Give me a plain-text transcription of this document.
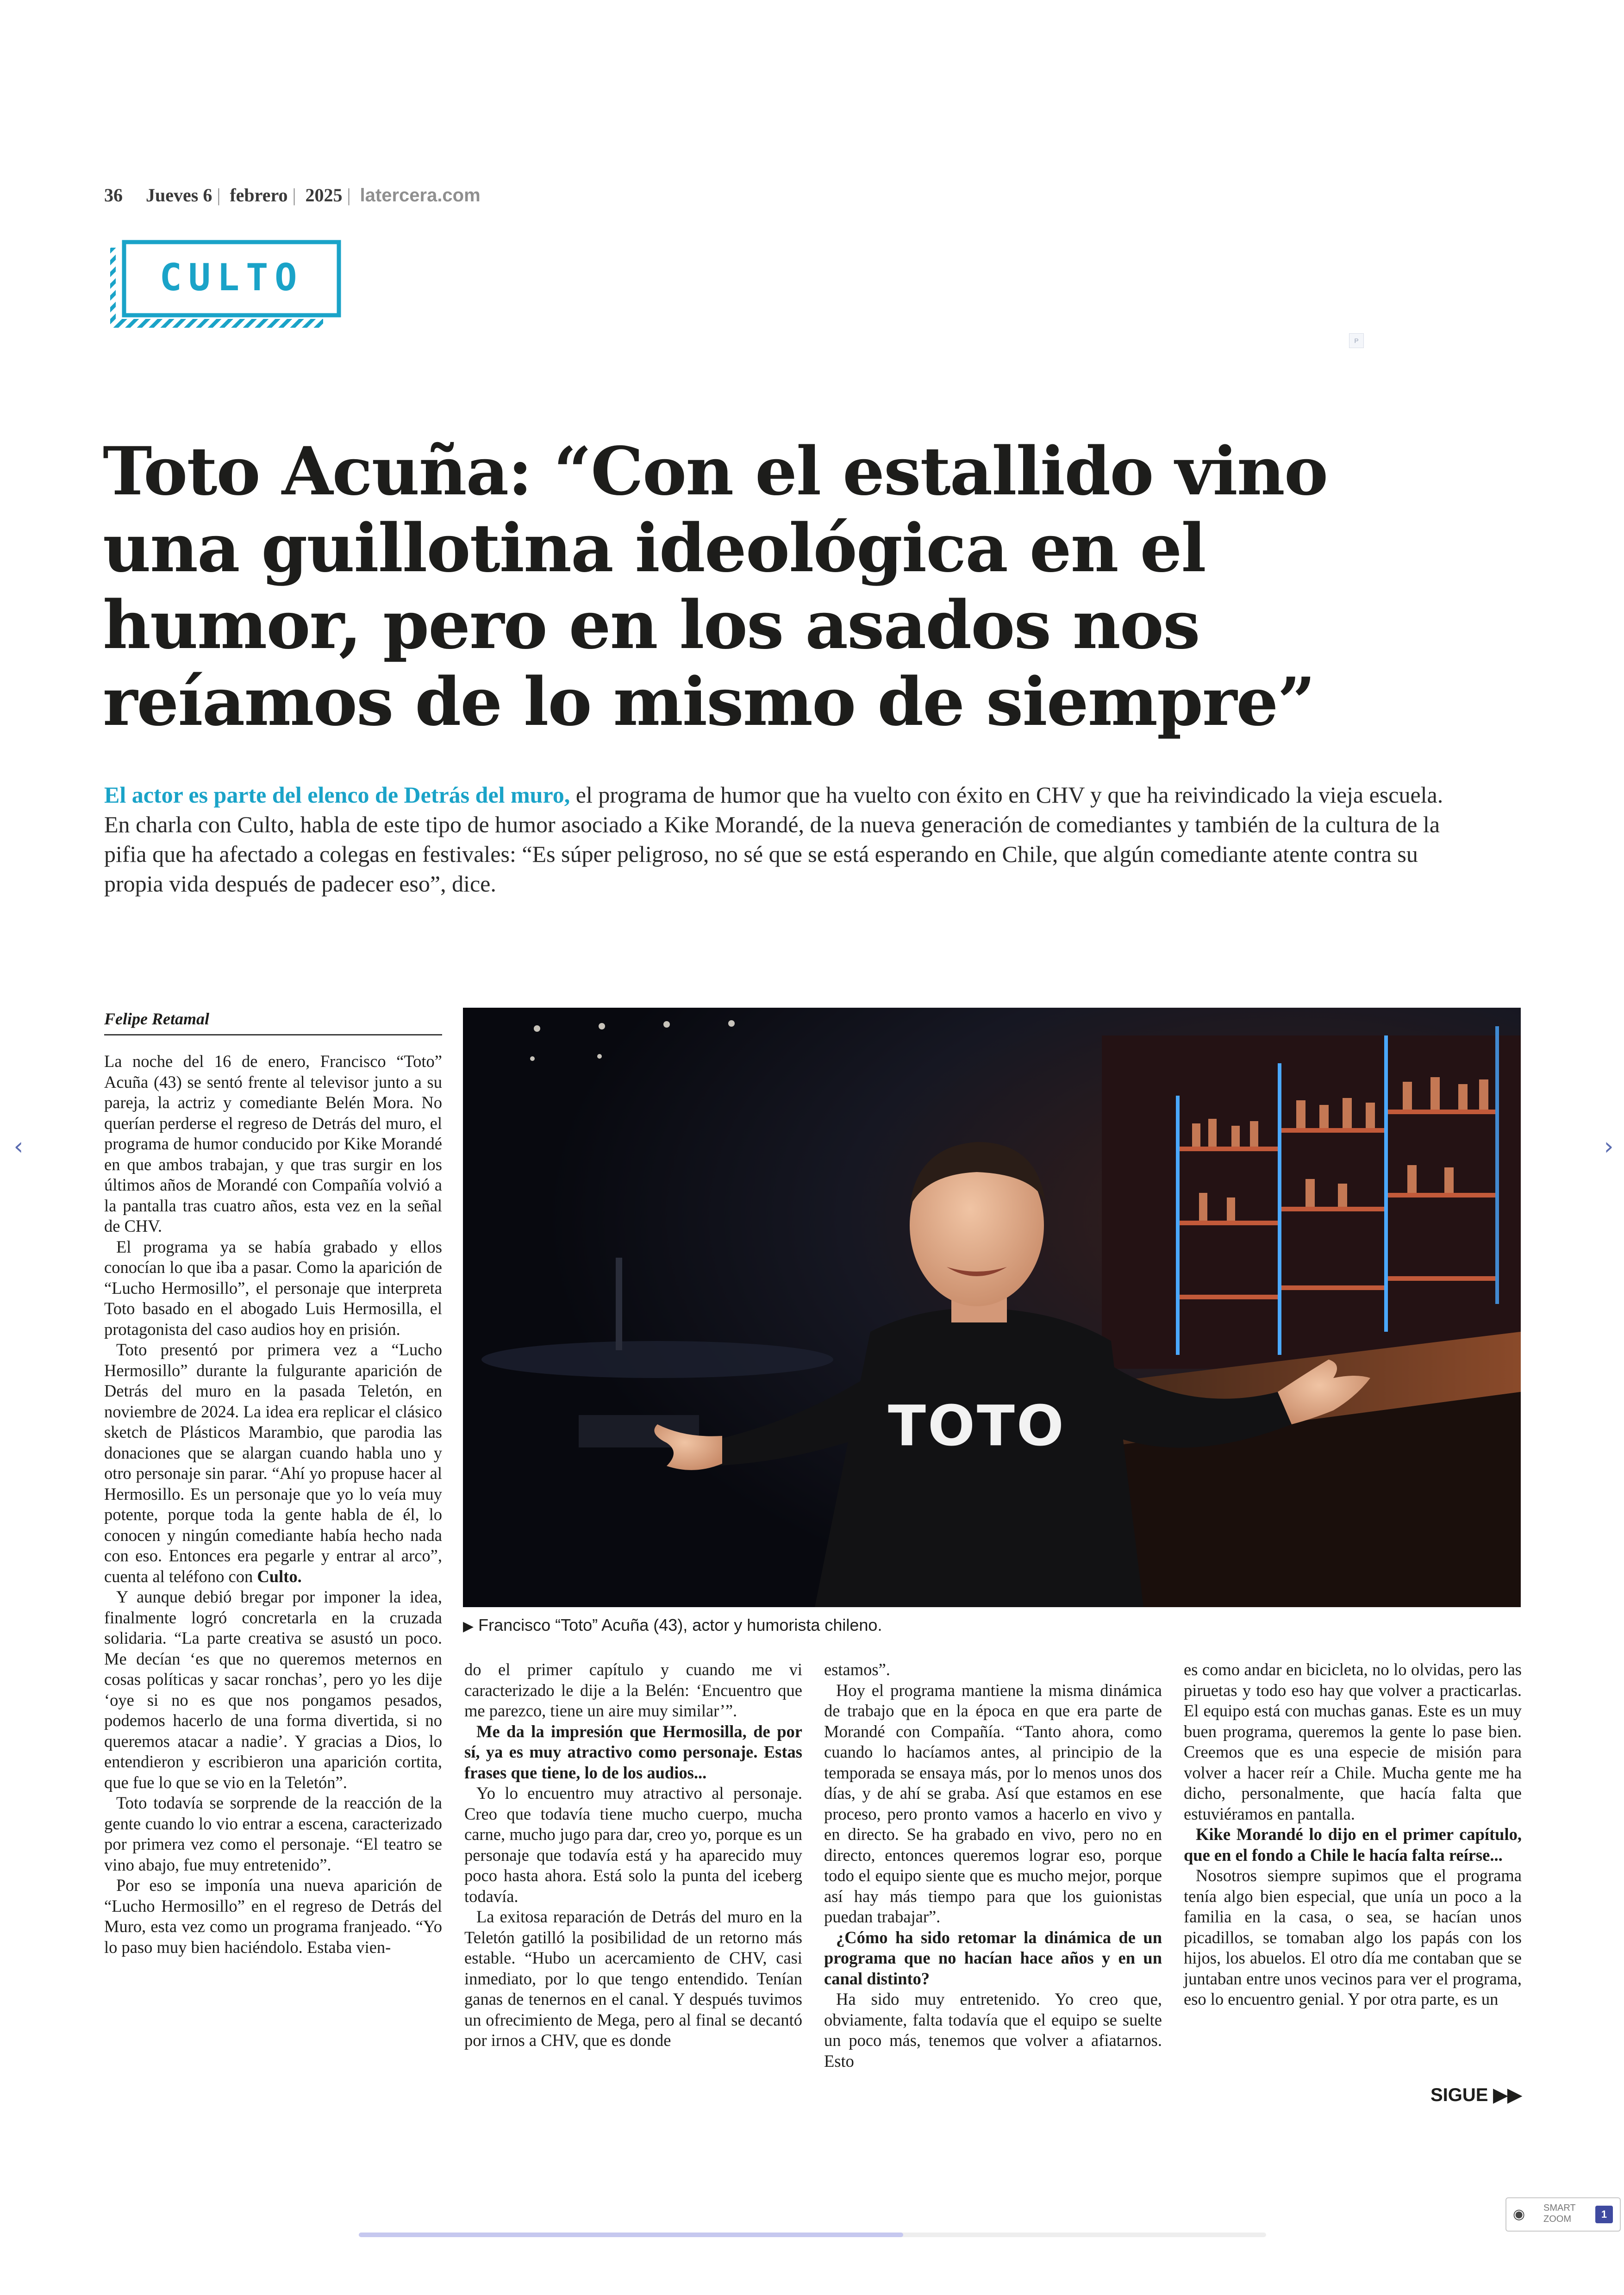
36 Jueves 6 | febrero | 2025 | latercera.com
CULTO
P
Toto Acuña: “Con el estallido vino
una guillotina ideológica en el
humor, pero en los asados nos
reíamos de lo mismo de siempre”
El actor es parte del elenco de Detrás del muro, el programa de humor que ha vuelto con éxito en CHV y que ha reivindicado la vieja escuela. En charla con Culto, habla de este tipo de humor asociado a Kike Morandé, de la nueva generación de comediantes y también de la cultura de la pifia que ha afectado a colegas en festivales: “Es súper peligroso, no sé que se está esperando en Chile, que algún comediante atente contra su propia vida después de padecer eso”, dice.
Felipe Retamal
TOTO
▶ Francisco “Toto” Acuña (43), actor y humorista chileno.

La noche del 16 de enero, Francisco “Toto” Acuña (43) se sentó frente al televisor junto a su pareja, la actriz y comediante Belén Mora. No querían perderse el regreso de Detrás del muro, el programa de humor conducido por Kike Morandé en que ambos trabajan, y que tras surgir en los últimos años de Morandé con Compañía volvió a la pantalla tras cuatro años, esta vez en la señal de CHV.

El programa ya se había grabado y ellos conocían lo que iba a pasar. Como la aparición de “Lucho Hermosillo”, el personaje que interpreta Toto basado en el abogado Luis Hermosilla, el protagonista del caso audios hoy en prisión.

Toto presentó por primera vez a “Lucho Hermosillo” durante la fulgurante aparición de Detrás del muro en la pasada Teletón, en noviembre de 2024. La idea era replicar el clásico sketch de Plásticos Marambio, que parodia las donaciones que se alargan cuando habla uno y otro personaje sin parar. “Ahí yo propuse hacer al Hermosillo. Es un personaje que yo lo veía muy potente, porque toda la gente habla de él, lo conocen y ningún comediante había hecho nada con eso. Entonces era pegarle y entrar al arco”, cuenta al teléfono con Culto.

Y aunque debió bregar por imponer la idea, finalmente logró concretarla en la cruzada solidaria. “La parte creativa se asustó un poco. Me decían ‘es que no queremos meternos en cosas políticas y sacar ronchas’, pero yo les dije ‘oye si no es que nos pongamos pesados, podemos hacerlo de una forma divertida, si no queremos atacar a nadie’. Y gracias a Dios, lo entendieron y escribieron una aparición cortita, que fue lo que se vio en la Teletón”.

Toto todavía se sorprende de la reacción de la gente cuando lo vio entrar a escena, caracterizado por primera vez como el personaje. “El teatro se vino abajo, fue muy entretenido”.

Por eso se imponía una nueva aparición de “Lucho Hermosillo” en el regreso de Detrás del Muro, esta vez como un programa franjeado. “Yo lo paso muy bien haciéndolo. Estaba vien-

do el primer capítulo y cuando me vi caracterizado le dije a la Belén: ‘Encuentro que me parezco, tiene un aire muy similar’”.

Me da la impresión que Hermosilla, de por sí, ya es muy atractivo como personaje. Estas frases que tiene, lo de los audios...

Yo lo encuentro muy atractivo al personaje. Creo que todavía tiene mucho cuerpo, mucha carne, mucho jugo para dar, creo yo, porque es un personaje que todavía está y ha aparecido muy poco hasta ahora. Está solo la punta del iceberg todavía.

La exitosa reparación de Detrás del muro en la Teletón gatilló la posibilidad de un retorno más estable. “Hubo un acercamiento de CHV, casi inmediato, por lo que tengo entendido. Tenían ganas de tenernos en el canal. Y después tuvimos un ofrecimiento de Mega, pero al final se decantó por irnos a CHV, que es donde

estamos”.

Hoy el programa mantiene la misma dinámica de trabajo que en la época en que era parte de Morandé con Compañía. “Tanto ahora, como cuando lo hacíamos antes, al principio de la temporada se ensaya más, por lo menos unos dos días, y de ahí se graba. Así que estamos en ese proceso, pero pronto vamos a hacerlo en vivo y en directo. Se ha grabado en vivo, pero no en directo, entonces queremos lograr eso, porque todo el equipo siente que es mucho mejor, porque así hay más tiempo para que los guionistas puedan trabajar”.

¿Cómo ha sido retomar la dinámica de un programa que no hacían hace años y en un canal distinto?

Ha sido muy entretenido. Yo creo que, obviamente, falta todavía que el equipo se suelte un poco más, tenemos que volver a afiatarnos. Esto

es como andar en bicicleta, no lo olvidas, pero las piruetas y todo eso hay que volver a practicarlas. El equipo está con muchas ganas. Este es un muy buen programa, queremos la gente lo pase bien. Creemos que es una especie de misión para volver a hacer reír a Chile. Mucha gente me ha dicho, personalmente, que hacía falta que estuviéramos en pantalla.

Kike Morandé lo dijo en el primer capítulo, que en el fondo a Chile le hacía falta reírse...

Nosotros siempre supimos que el programa tenía algo bien especial, que unía un poco a la familia en la casa, o sea, se hacían unos picadillos, se tomaban algo los papás con los hijos, los abuelos. El otro día me contaban que se juntaban entre unos vecinos para ver el programa, eso lo encuentro genial. Y por otra parte, es un

SIGUE ▶▶
‹	›
◉ SMART
ZOOM	1
